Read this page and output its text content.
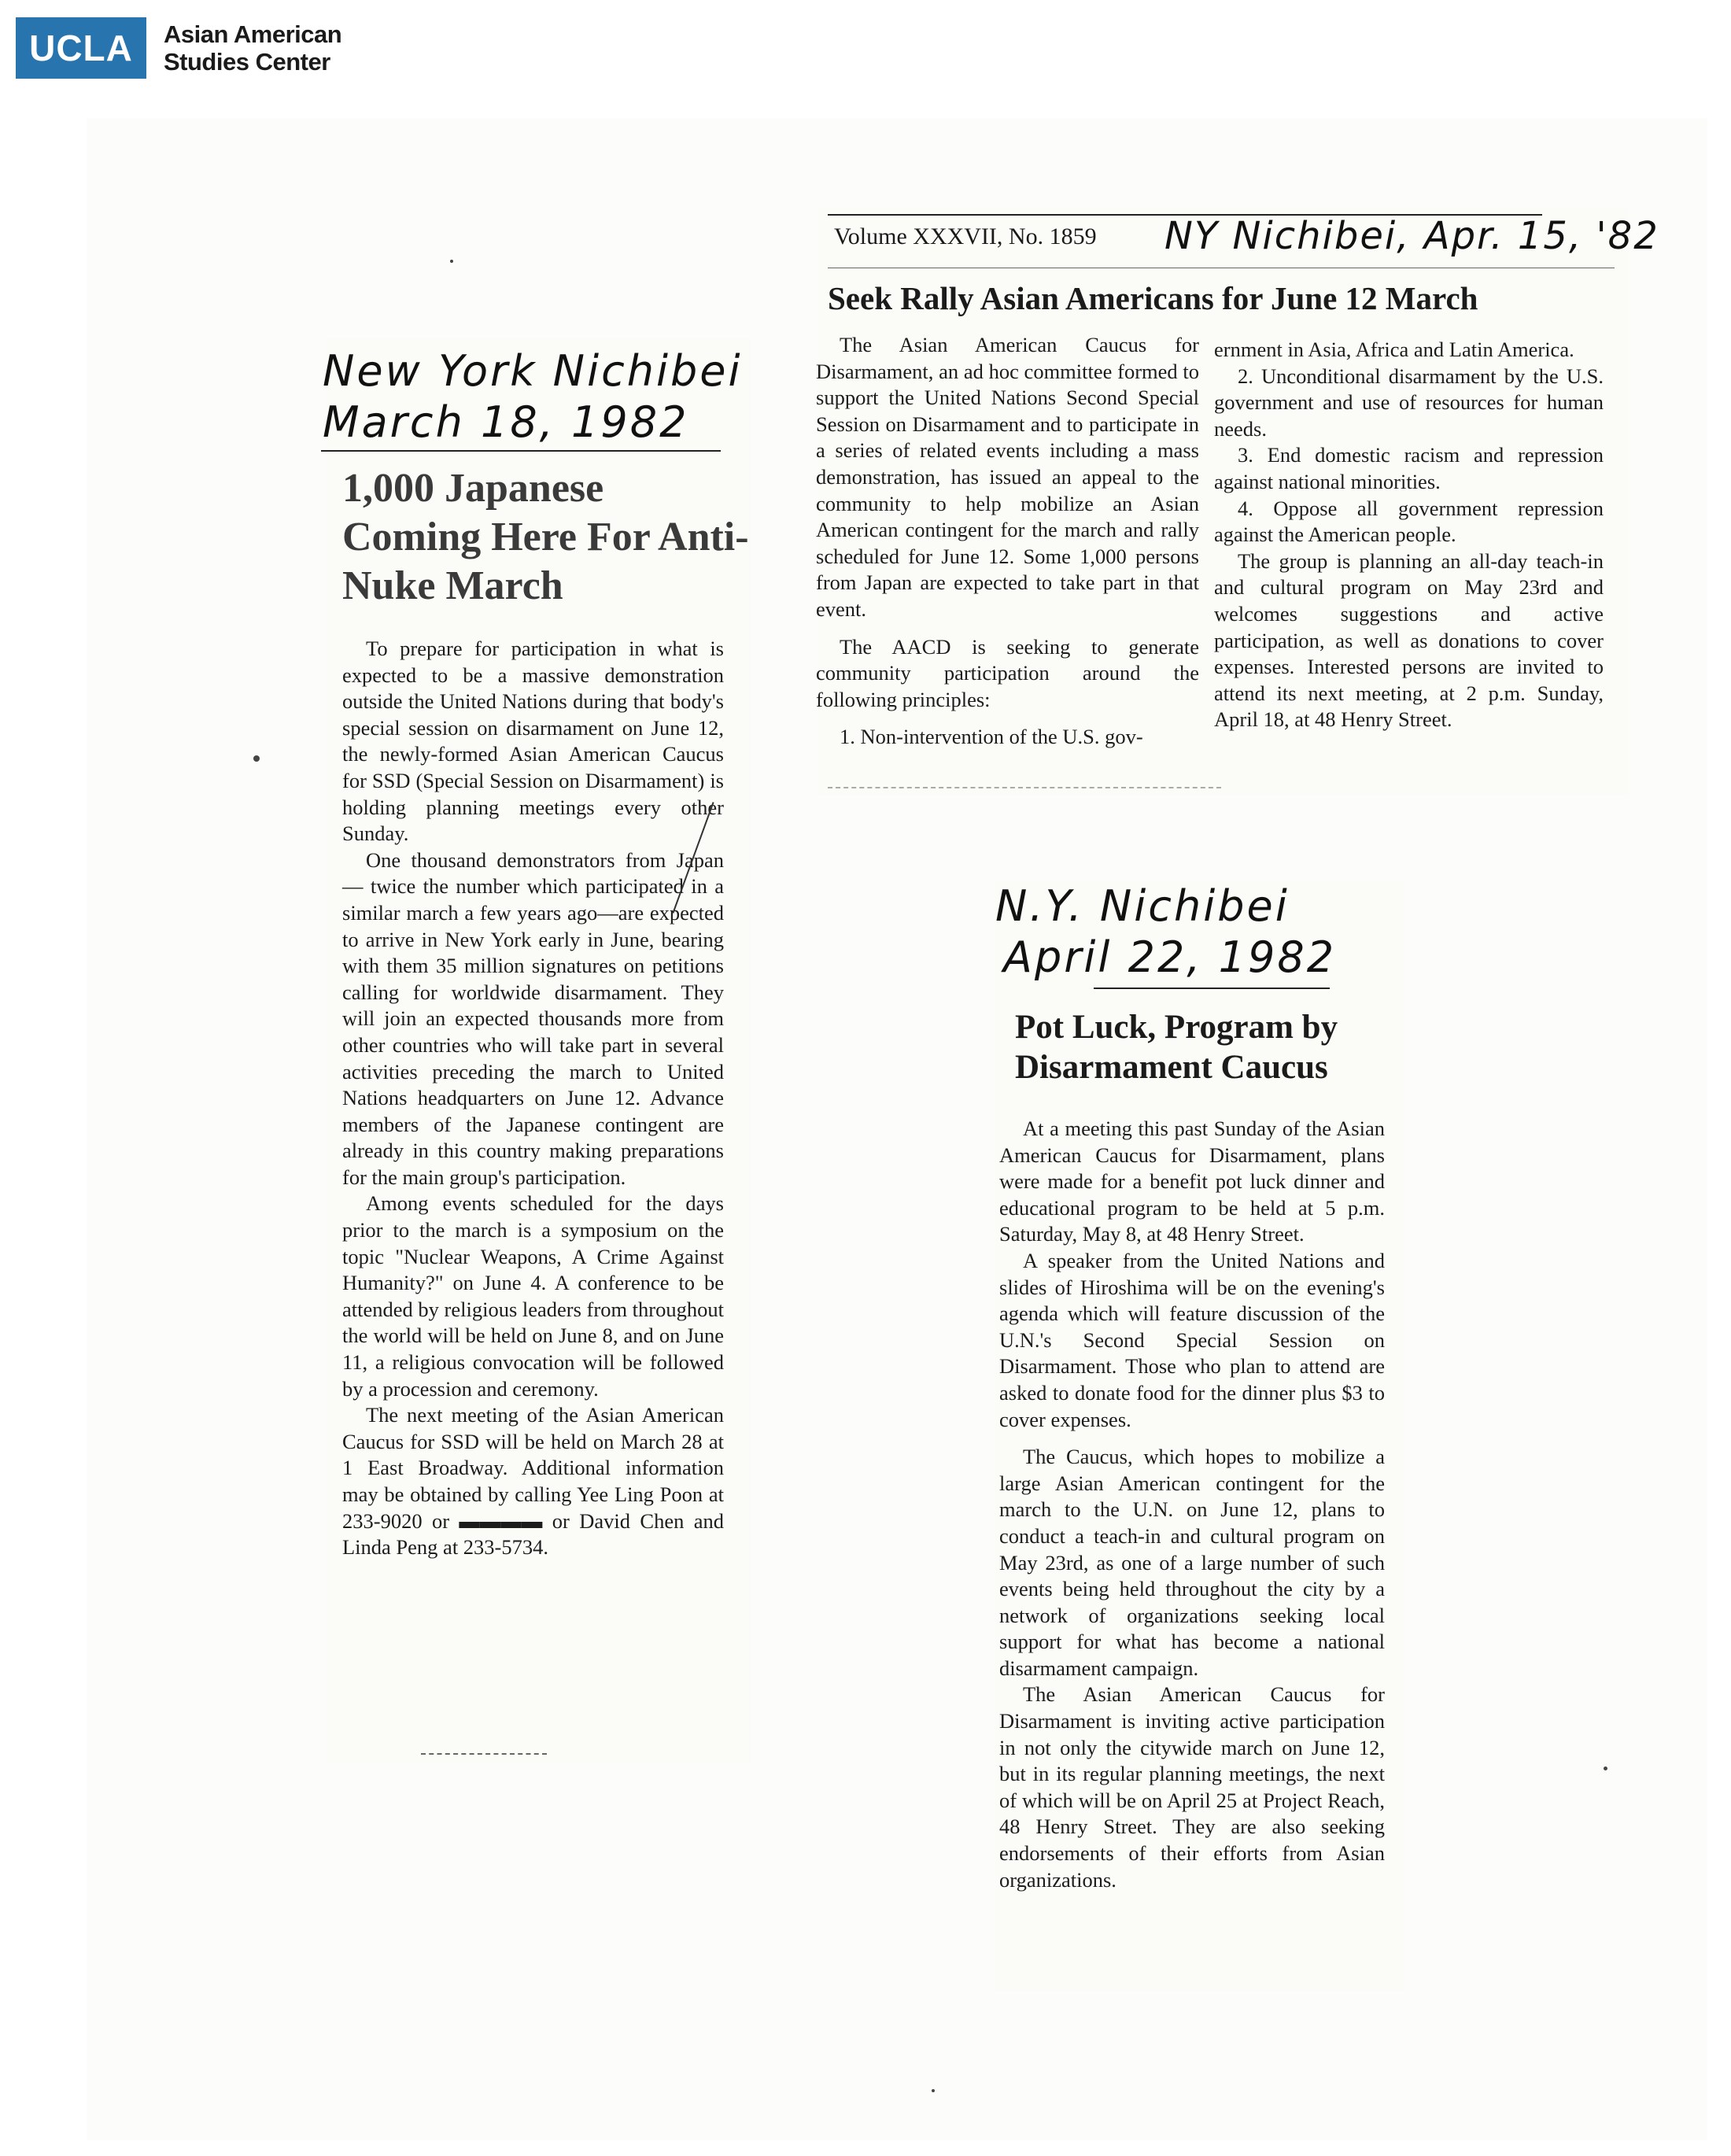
UCLA	Asian American
Studies Center
New York Nichibei
March 18, 1982
1,000 Japanese Coming Here For Anti-Nuke March

To prepare for participation in what is expected to be a massive demonstration outside the United Nations during that body's special session on disarmament on June 12, the newly-formed Asian American Caucus for SSD (Special Session on Disarmament) is holding planning meetings every other Sunday.

One thousand demonstrators from Japan — twice the number which participated in a similar march a few years ago—are expected to arrive in New York early in June, bearing with them 35 million signatures on petitions calling for worldwide disarmament. They will join an expected thousands more from other countries who will take part in several activities preceding the march to United Nations headquarters on June 12. Advance members of the Japanese contingent are already in this country making preparations for the main group's participation.

Among events scheduled for the days prior to the march is a symposium on the topic "Nuclear Weapons, A Crime Against Humanity?" on June 4. A conference to be attended by religious leaders from throughout the world will be held on June 8, and on June 11, a religious convocation will be followed by a procession and ceremony.

The next meeting of the Asian American Caucus for SSD will be held on March 28 at 1 East Broadway. Additional information may be obtained by calling Yee Ling Poon at 233-9020 or ▬▬▬▬ or David Chen and Linda Peng at 233-5734.

Volume XXXVII, No. 1859 NY Nichibei, Apr. 15, '82
Seek Rally Asian Americans for June 12 March

The Asian American Caucus for Disarmament, an ad hoc committee formed to support the United Nations Second Special Session on Disarmament and to participate in a series of related events including a mass demonstration, has issued an appeal to the community to help mobilize an Asian American contingent for the march and rally scheduled for June 12. Some 1,000 persons from Japan are expected to take part in that event.

The AACD is seeking to generate community participation around the following principles:

1. Non-intervention of the U.S. gov-

ernment in Asia, Africa and Latin America.

2. Unconditional disarmament by the U.S. government and use of resources for human needs.

3. End domestic racism and repression against national minorities.

4. Oppose all government repression against the American people.

The group is planning an all-day teach-in and cultural program on May 23rd and welcomes suggestions and active participation, as well as donations to cover expenses. Interested persons are invited to attend its next meeting, at 2 p.m. Sunday, April 18, at 48 Henry Street.

N.Y. Nichibei
April 22, 1982
Pot Luck, Program by Disarmament Caucus

At a meeting this past Sunday of the Asian American Caucus for Disarmament, plans were made for a benefit pot luck dinner and educational program to be held at 5 p.m. Saturday, May 8, at 48 Henry Street.

A speaker from the United Nations and slides of Hiroshima will be on the evening's agenda which will feature discussion of the U.N.'s Second Special Session on Disarmament. Those who plan to attend are asked to donate food for the dinner plus $3 to cover expenses.

The Caucus, which hopes to mobilize a large Asian American contingent for the march to the U.N. on June 12, plans to conduct a teach-in and cultural program on May 23rd, as one of a large number of such events being held throughout the city by a network of organizations seeking local support for what has become a national disarmament campaign.

The Asian American Caucus for Disarmament is inviting active participation in not only the citywide march on June 12, but in its regular planning meetings, the next of which will be on April 25 at Project Reach, 48 Henry Street. They are also seeking endorsements of their efforts from Asian organizations.
